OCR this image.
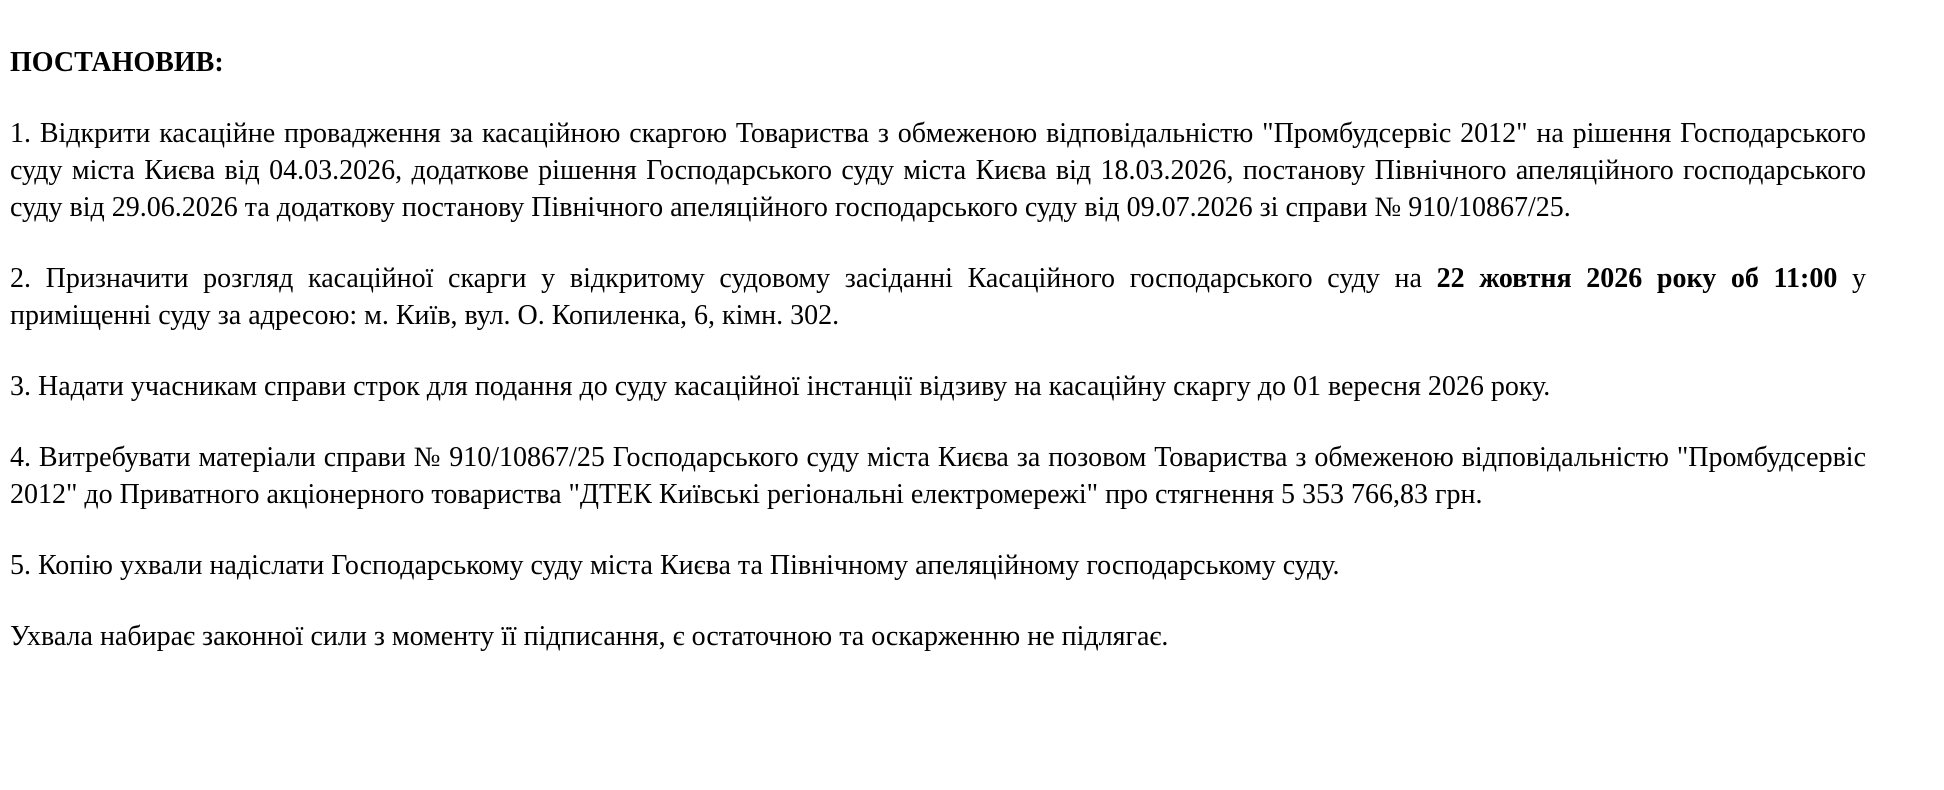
ПОСТАНОВИВ:
1. Відкрити касаційне провадження за касаційною скаргою Товариства з обмеженою відповідальністю "Промбудсервіс 2012" на рішення Господарського суду міста Києва від 04.03.2026, додаткове рішення Господарського суду міста Києва від 18.03.2026, постанову Північного апеляційного господарського суду від 29.06.2026 та додаткову постанову Північного апеляційного господарського суду від 09.07.2026 зі справи № 910/10867/25.
2. Призначити розгляд касаційної скарги у відкритому судовому засіданні Касаційного господарського суду на 22 жовтня 2026 року об 11:00 у приміщенні суду за адресою: м. Київ, вул. О. Копиленка, 6, кімн. 302.
3. Надати учасникам справи строк для подання до суду касаційної інстанції відзиву на касаційну скаргу до 01 вересня 2026 року.
4. Витребувати матеріали справи № 910/10867/25 Господарського суду міста Києва за позовом Товариства з обмеженою відповідальністю "Промбудсервіс 2012" до Приватного акціонерного товариства "ДТЕК Київські регіональні електромережі" про стягнення 5 353 766,83 грн.
5. Копію ухвали надіслати Господарському суду міста Києва та Північному апеляційному господарському суду.
Ухвала набирає законної сили з моменту її підписання, є остаточною та оскарженню не підлягає.
